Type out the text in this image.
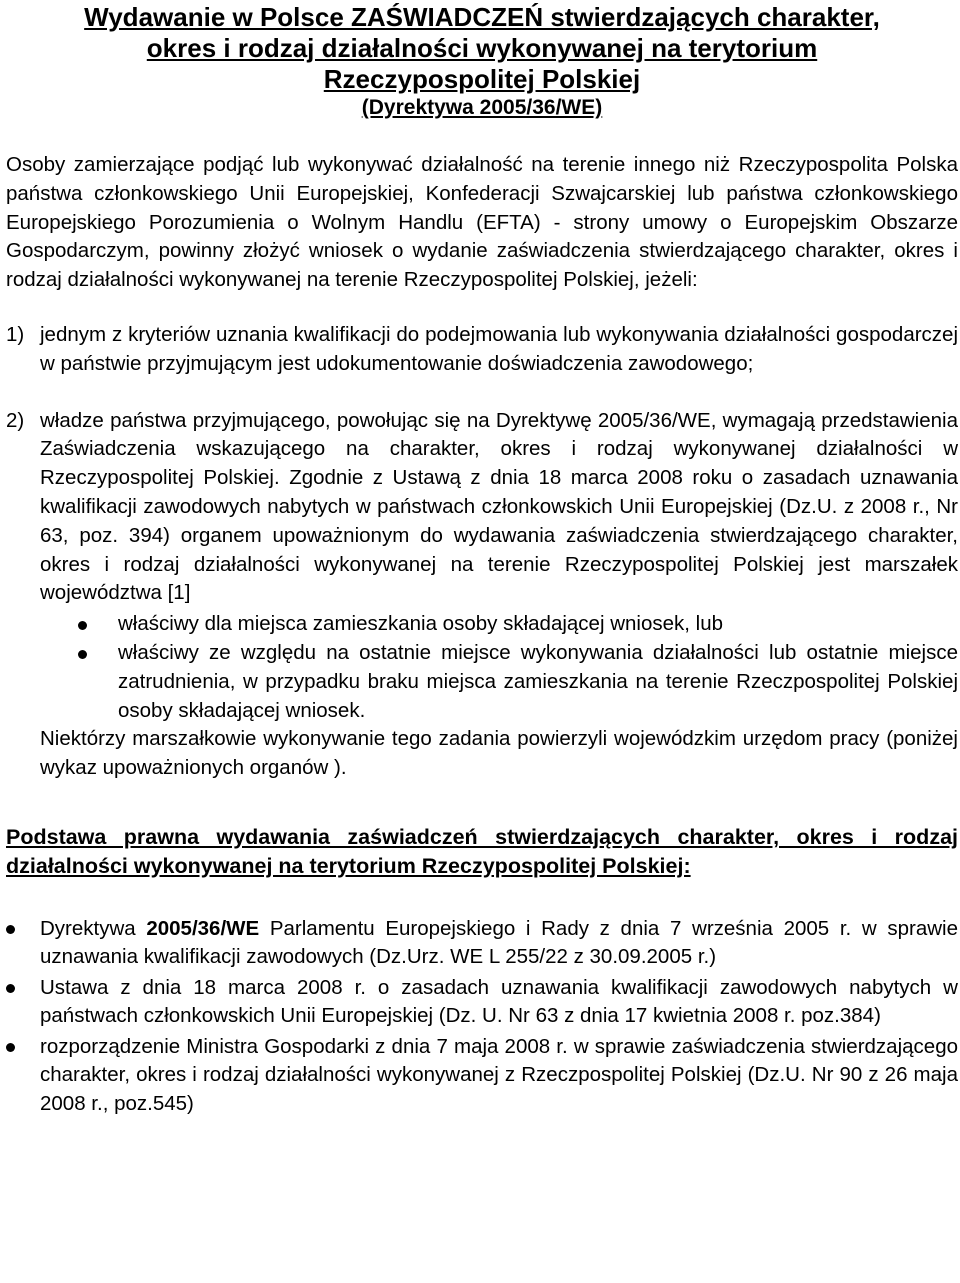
Wydawanie w Polsce ZAŚWIADCZEŃ stwierdzających charakter,
okres i rodzaj działalności wykonywanej na terytorium
Rzeczypospolitej Polskiej
(Dyrektywa 2005/36/WE)

Osoby zamierzające podjąć lub wykonywać działalność na terenie innego niż Rzeczypospolita Polska państwa członkowskiego Unii Europejskiej, Konfederacji Szwajcarskiej lub państwa członkowskiego Europejskiego Porozumienia o Wolnym Handlu (EFTA) - strony umowy o Europejskim Obszarze Gospodarczym, powinny złożyć wniosek o wydanie zaświadczenia stwierdzającego charakter, okres i rodzaj działalności wykonywanej na terenie Rzeczypospolitej Polskiej, jeżeli:

1) jednym z kryteriów uznania kwalifikacji do podejmowania lub wykonywania działalności gospodarczej w państwie przyjmującym jest udokumentowanie doświadczenia zawodowego;
2) władze państwa przyjmującego, powołując się na Dyrektywę 2005/36/WE, wymagają przedstawienia Zaświadczenia wskazującego na charakter, okres i rodzaj wykonywanej działalności w Rzeczypospolitej Polskiej. Zgodnie z Ustawą z dnia 18 marca 2008 roku o zasadach uznawania kwalifikacji zawodowych nabytych w państwach członkowskich Unii Europejskiej (Dz.U. z 2008 r., Nr 63, poz. 394) organem upoważnionym do wydawania zaświadczenia stwierdzającego charakter, okres i rodzaj działalności wykonywanej na terenie Rzeczypospolitej Polskiej jest marszałek województwa [1]
właściwy dla miejsca zamieszkania osoby składającej wniosek, lub
właściwy ze względu na ostatnie miejsce wykonywania działalności lub ostatnie miejsce zatrudnienia, w przypadku braku miejsca zamieszkania na terenie Rzeczpospolitej Polskiej osoby składającej wniosek.

Niektórzy marszałkowie wykonywanie tego zadania powierzyli wojewódzkim urzędom pracy (poniżej wykaz upoważnionych organów ).

Podstawa prawna wydawania zaświadczeń stwierdzających charakter, okres i rodzaj działalności wykonywanej na terytorium Rzeczypospolitej Polskiej:
Dyrektywa 2005/36/WE Parlamentu Europejskiego i Rady z dnia 7 września 2005 r. w sprawie uznawania kwalifikacji zawodowych (Dz.Urz. WE L 255/22 z 30.09.2005 r.)
Ustawa z dnia 18 marca 2008 r. o zasadach uznawania kwalifikacji zawodowych nabytych w państwach członkowskich Unii Europejskiej (Dz. U. Nr 63 z dnia 17 kwietnia 2008 r. poz.384)
rozporządzenie Ministra Gospodarki z dnia 7 maja 2008 r. w sprawie zaświadczenia stwierdzającego charakter, okres i rodzaj działalności wykonywanej z Rzeczpospolitej Polskiej (Dz.U. Nr 90 z 26 maja 2008 r., poz.545)
